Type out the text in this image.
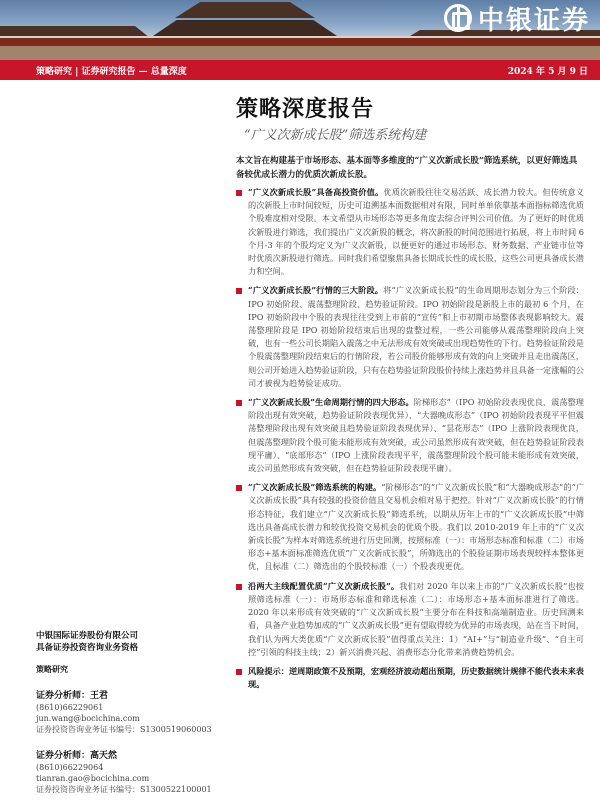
中银证券
策略研究 | 证券研究报告 — 总量深度	2024 年 5 月 9 日
策略深度报告
“广义次新成长股”筛选系统构建
本文旨在构建基于市场形态、基本面等多维度的“广义次新成长股”筛选系统，以更好筛选具备较优成长潜力的优质次新成长股。
“广义次新成长股”具备高投资价值。优质次新股往往交易活跃、成长潜力较大。但传统意义的次新股上市时间较短，历史可追溯基本面数据相对有限，同时单单依靠基本面指标筛选优质个股难度相对受限。本文希望从市场形态等更多角度去综合评判公司价值。为了更好的时优质次新股进行筛选，我们提出广义次新股的概念，将次新股的时间范围进行拓展，将上市时间 6 个月-3 年的个股均定义为广义次新股，以便更好的通过市场形态、财务数据、产业链市位等时优质次新股进行筛选。同时我们希望聚焦具备长期成长性的成长股，这些公司更具备成长潜力和空间。
“广义次新成长股”行情的三大阶段。将“广义次新成长股”的生命周期形态划分为三个阶段：IPO 初始阶段、震荡整理阶段、趋势验证阶段。IPO 初始阶段是新股上市的最初 6 个月，在 IPO 初始阶段中个股的表现往往受到上市前的“宣传”和上市初期市场整体表现影响较大。震荡整理阶段是 IPO 初始阶段结束后出现的盘整过程，一些公司能够从震荡整理阶段向上突破，也有一些公司长期陷入震荡之中无法形成有效突破或出现趋势性的下行。趋势验证阶段是个股震荡整理阶段结束后的行情阶段，若公司股价能够形成有效的向上突破并且走出震荡区，则公司开始进入趋势验证阶段，只有在趋势验证阶段股价持续上涨趋势并且具备一定涨幅的公司才被视为趋势验证成功。
“广义次新成长股”生命周期行情的四大形态。阶梯形态”（IPO 初始阶段表现优良、震荡整理阶段出现有效突破，趋势验证阶段表现优异）、“大器晚成形态”（IPO 初始阶段表现平平但震荡整理阶段出现有效突破且趋势验证阶段表现优异）、“昙花形态”（IPO 上涨阶段表现优良，但震荡整理阶段个股可能未能形成有效突破，或公司虽然形成有效突破，但在趋势验证阶段表现平庸）、“底部形态”（IPO 上涨阶段表现平平，震荡整理阶段个股可能未能形成有效突破，或公司虽然形成有效突破，但在趋势验证阶段表现平庸）。
“广义次新成长股”筛选系统的构建。“阶梯形态”的“广义次新成长股”和“大器晚成形态”的“广义次新成长股”具有较强的投资价值且交易机会相对易于把控。针对“广义次新成长股”的行情形态特征，我们建立“广义次新成长股”筛选系统，以期从历年上市的“广义次新成长股”中筛选出具备高成长潜力和较优投资交易机会的优质个股。我们以 2010-2019 年上市的“广义次新成长股”为样本对筛选系统进行历史回测，按照标准（一）：市场形态标准和标准（二）市场形态+基本面标准筛选优质“广义次新成长股”，所筛选出的个股验证期市场表现较样本整体更优，且标准（二）筛选出的个股较标准（一）个股表现更优。
沿两大主线配置优质“广义次新成长股”。我们对 2020 年以来上市的“广义次新成长股”也按照筛选标准（一）：市场形态标准和筛选标准（二）：市场形态+基本面标准进行了筛选。2020 年以来形成有效突破的“广义次新成长股”主要分布在科技和高端制造业。历史回测来看，具备产业趋势加成的“广义次新成长股”更有望取得较为优异的市场表现，站在当下时间，我们认为两大类优质“广义次新成长股”值得重点关注：1）“AI+”与“制造业升级”、“自主可控”引领的科技主线；2）新兴消费兴起、消费形态分化带来消费趋势机会。
风险提示：逆周期政策不及预期，宏观经济波动超出预期，历史数据统计规律不能代表未来表现。
中银国际证券股份有限公司
具备证券投资咨询业务资格
策略研究
证券分析师：王君
(8610)66229061
jun.wang@bocichina.com
证券投资咨询业务证书编号：S1300519060003
证券分析师：高天然
(8610)66229064
tianran.gao@bocichina.com
证券投资咨询业务证书编号：S1300522100001
